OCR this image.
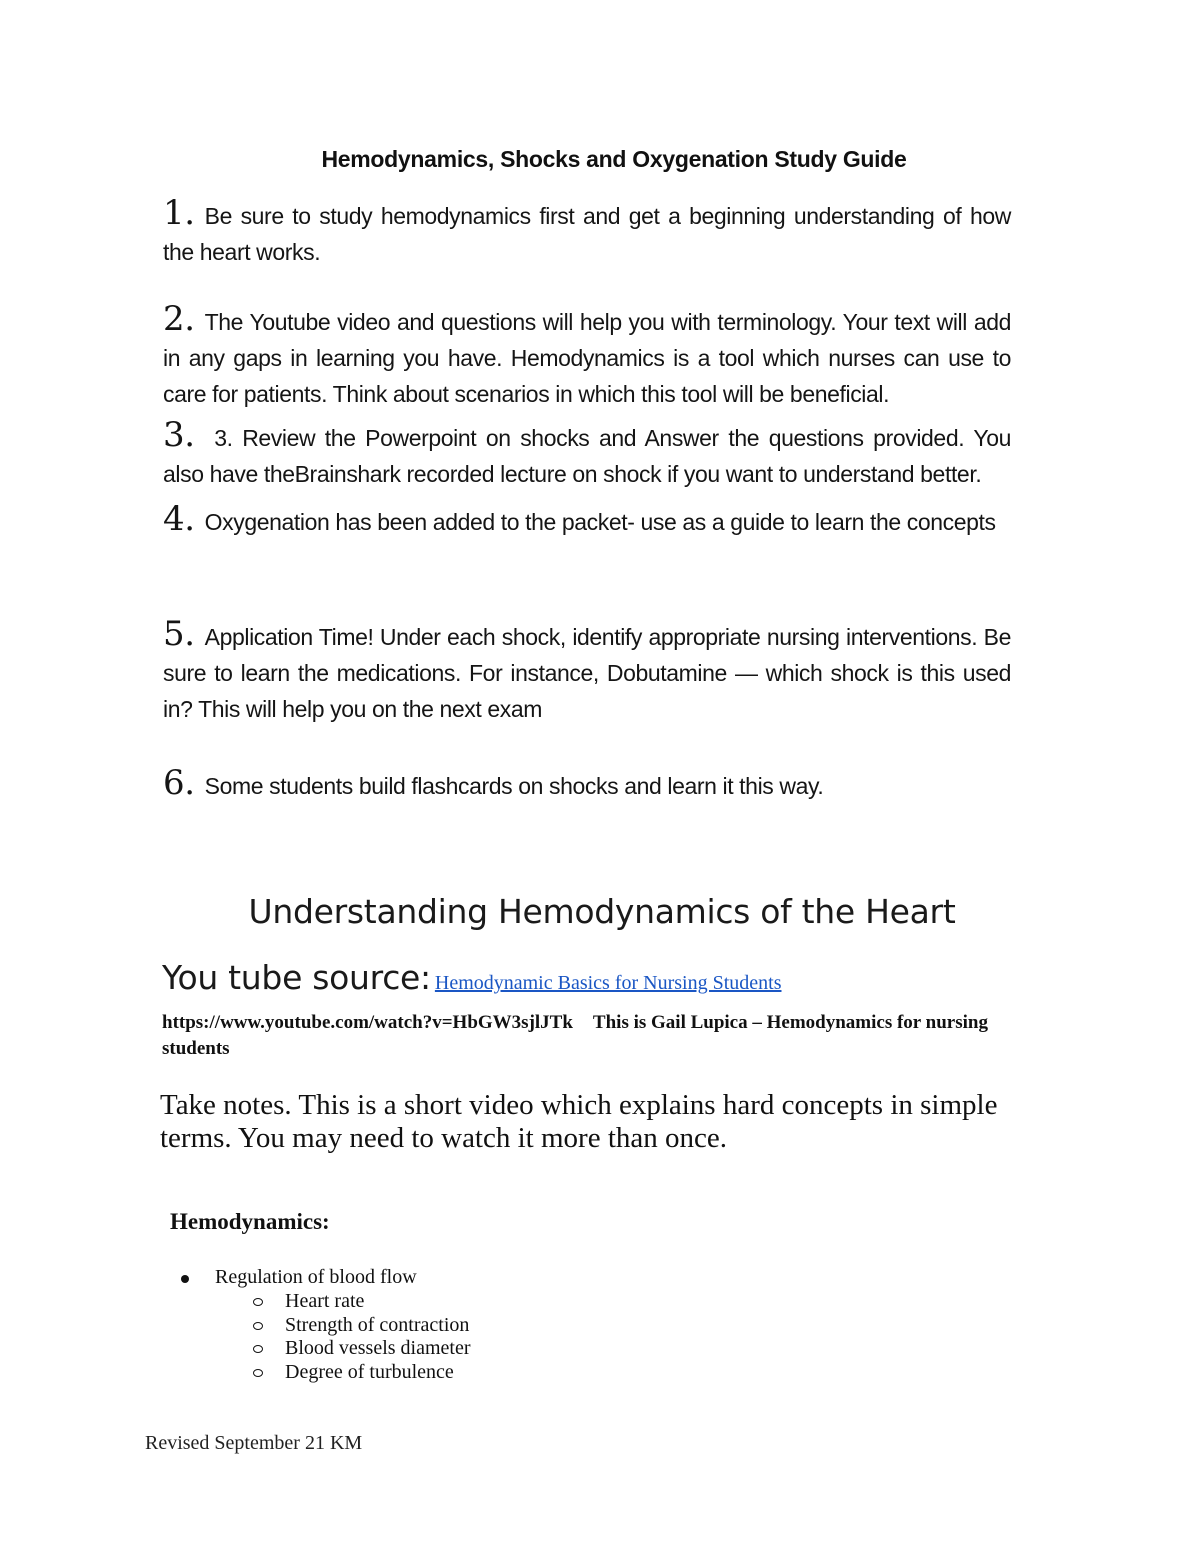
Hemodynamics, Shocks and Oxygenation Study Guide
1. Be sure to study hemodynamics first and get a beginning understanding of how the heart works.
2. The Youtube video and questions will help you with terminology. Your text will add in any gaps in learning you have. Hemodynamics is a tool which nurses can use to care for patients. Think about scenarios in which this tool will be beneficial.
3. 3. Review the Powerpoint on shocks and Answer the questions provided. You also have theBrainshark recorded lecture on shock if you want to understand better.
4. Oxygenation has been added to the packet- use as a guide to learn the concepts
5. Application Time! Under each shock, identify appropriate nursing interventions. Be sure to learn the medications. For instance, Dobutamine — which shock is this used in? This will help you on the next exam
6. Some students build flashcards on shocks and learn it this way.
Understanding Hemodynamics of the Heart
You tube source: Hemodynamic Basics for Nursing Students
https://www.youtube.com/watch?v=HbGW3sjlJTk This is Gail Lupica – Hemodynamics for nursing students
Take notes. This is a short video which explains hard concepts in simple terms. You may need to watch it more than once.
Hemodynamics:
Regulation of blood flow
Heart rate
Strength of contraction
Blood vessels diameter
Degree of turbulence
Revised September 21 KM
